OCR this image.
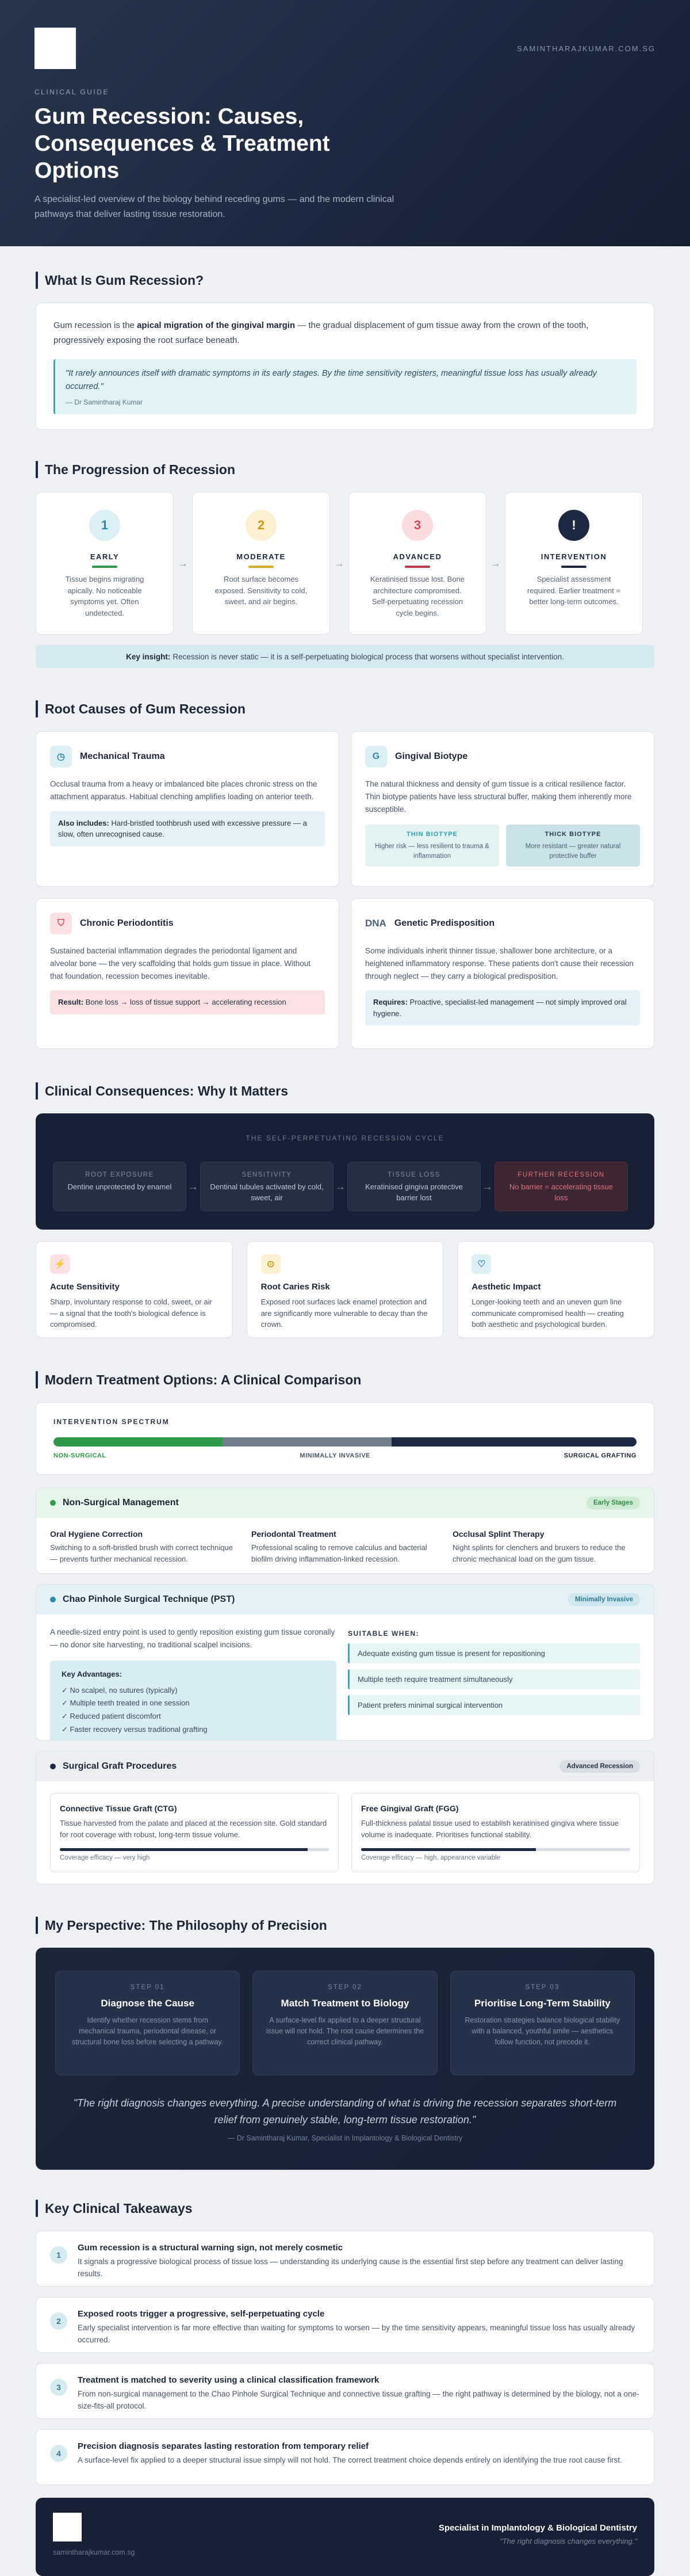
SAMINTHARAJKUMAR.COM.SG
CLINICAL GUIDE
Gum Recession: Causes, Consequences & Treatment Options
A specialist-led overview of the biology behind receding gums — and the modern clinical pathways that deliver lasting tissue restoration.
What Is Gum Recession?

Gum recession is the apical migration of the gingival margin — the gradual displacement of gum tissue away from the crown of the tooth, progressively exposing the root surface beneath.

"It rarely announces itself with dramatic symptoms in its early stages. By the time sensitivity registers, meaningful tissue loss has usually already occurred."
— Dr Samintharaj Kumar
The Progression of Recession
1
EARLY
Tissue begins migrating apically. No noticeable symptoms yet. Often undetected.
→
2
MODERATE
Root surface becomes exposed. Sensitivity to cold, sweet, and air begins.
→
3
ADVANCED
Keratinised tissue lost. Bone architecture compromised. Self-perpetuating recession cycle begins.
→
!
INTERVENTION
Specialist assessment required. Earlier treatment = better long-term outcomes.
Key insight: Recession is never static — it is a self-perpetuating biological process that worsens without specialist intervention.
Root Causes of Gum Recession
◷	Mechanical Trauma
Occlusal trauma from a heavy or imbalanced bite places chronic stress on the attachment apparatus. Habitual clenching amplifies loading on anterior teeth.
Also includes: Hard-bristled toothbrush used with excessive pressure — a slow, often unrecognised cause.
G	Gingival Biotype
The natural thickness and density of gum tissue is a critical resilience factor. Thin biotype patients have less structural buffer, making them inherently more susceptible.
THIN BIOTYPE
Higher risk — less resilient to trauma & inflammation
THICK BIOTYPE
More resistant — greater natural protective buffer
⛉	Chronic Periodontitis
Sustained bacterial inflammation degrades the periodontal ligament and alveolar bone — the very scaffolding that holds gum tissue in place. Without that foundation, recession becomes inevitable.
Result: Bone loss → loss of tissue support → accelerating recession
DNA Genetic Predisposition
Some individuals inherit thinner tissue, shallower bone architecture, or a heightened inflammatory response. These patients don't cause their recession through neglect — they carry a biological predisposition.
Requires: Proactive, specialist-led management — not simply improved oral hygiene.
Clinical Consequences: Why It Matters
THE SELF-PERPETUATING RECESSION CYCLE
ROOT EXPOSURE
Dentine unprotected by enamel	→
SENSITIVITY
Dentinal tubules activated by cold, sweet, air
→
TISSUE LOSS
Keratinised gingiva protective barrier lost
→
FURTHER RECESSION
No barrier = accelerating tissue loss
⚡
Acute Sensitivity

Sharp, involuntary response to cold, sweet, or air — a signal that the tooth's biological defence is compromised.

⊙
Root Caries Risk

Exposed root surfaces lack enamel protection and are significantly more vulnerable to decay than the crown.

♡
Aesthetic Impact

Longer-looking teeth and an uneven gum line communicate compromised health — creating both aesthetic and psychological burden.

Modern Treatment Options: A Clinical Comparison
INTERVENTION SPECTRUM
NON-SURGICAL	MINIMALLY INVASIVE	SURGICAL GRAFTING
Non-Surgical Management	Early Stages
Oral Hygiene Correction

Switching to a soft-bristled brush with correct technique — prevents further mechanical recession.

Periodontal Treatment

Professional scaling to remove calculus and bacterial biofilm driving inflammation-linked recession.

Occlusal Splint Therapy

Night splints for clenchers and bruxers to reduce the chronic mechanical load on the gum tissue.

Chao Pinhole Surgical Technique (PST)	Minimally Invasive

A needle-sized entry point is used to gently reposition existing gum tissue coronally — no donor site harvesting, no traditional scalpel incisions.

Key Advantages:
✓ No scalpel, no sutures (typically)
✓ Multiple teeth treated in one session
✓ Reduced patient discomfort
✓ Faster recovery versus traditional grafting
SUITABLE WHEN:
Adequate existing gum tissue is present for repositioning
Multiple teeth require treatment simultaneously
Patient prefers minimal surgical intervention
Surgical Graft Procedures	Advanced Recession
Connective Tissue Graft (CTG)

Tissue harvested from the palate and placed at the recession site. Gold standard for root coverage with robust, long-term tissue volume.

Coverage efficacy — very high
Free Gingival Graft (FGG)

Full-thickness palatal tissue used to establish keratinised gingiva where tissue volume is inadequate. Prioritises functional stability.

Coverage efficacy — high, appearance variable
My Perspective: The Philosophy of Precision
STEP 01
Diagnose the Cause

Identify whether recession stems from mechanical trauma, periodontal disease, or structural bone loss before selecting a pathway.

STEP 02
Match Treatment to Biology

A surface-level fix applied to a deeper structural issue will not hold. The root cause determines the correct clinical pathway.

STEP 03
Prioritise Long-Term Stability

Restoration strategies balance biological stability with a balanced, youthful smile — aesthetics follow function, not precede it.

"The right diagnosis changes everything. A precise understanding of what is driving the recession separates short-term relief from genuinely stable, long-term tissue restoration."
— Dr Samintharaj Kumar, Specialist in Implantology & Biological Dentistry
Key Clinical Takeaways
1
Gum recession is a structural warning sign, not merely cosmetic

It signals a progressive biological process of tissue loss — understanding its underlying cause is the essential first step before any treatment can deliver lasting results.

2
Exposed roots trigger a progressive, self-perpetuating cycle

Early specialist intervention is far more effective than waiting for symptoms to worsen — by the time sensitivity appears, meaningful tissue loss has usually already occurred.

3
Treatment is matched to severity using a clinical classification framework

From non-surgical management to the Chao Pinhole Surgical Technique and connective tissue grafting — the right pathway is determined by the biology, not a one-size-fits-all protocol.

4
Precision diagnosis separates lasting restoration from temporary relief

A surface-level fix applied to a deeper structural issue simply will not hold. The correct treatment choice depends entirely on identifying the true root cause first.

samintharajkumar.com.sg
Specialist in Implantology & Biological Dentistry
"The right diagnosis changes everything."
